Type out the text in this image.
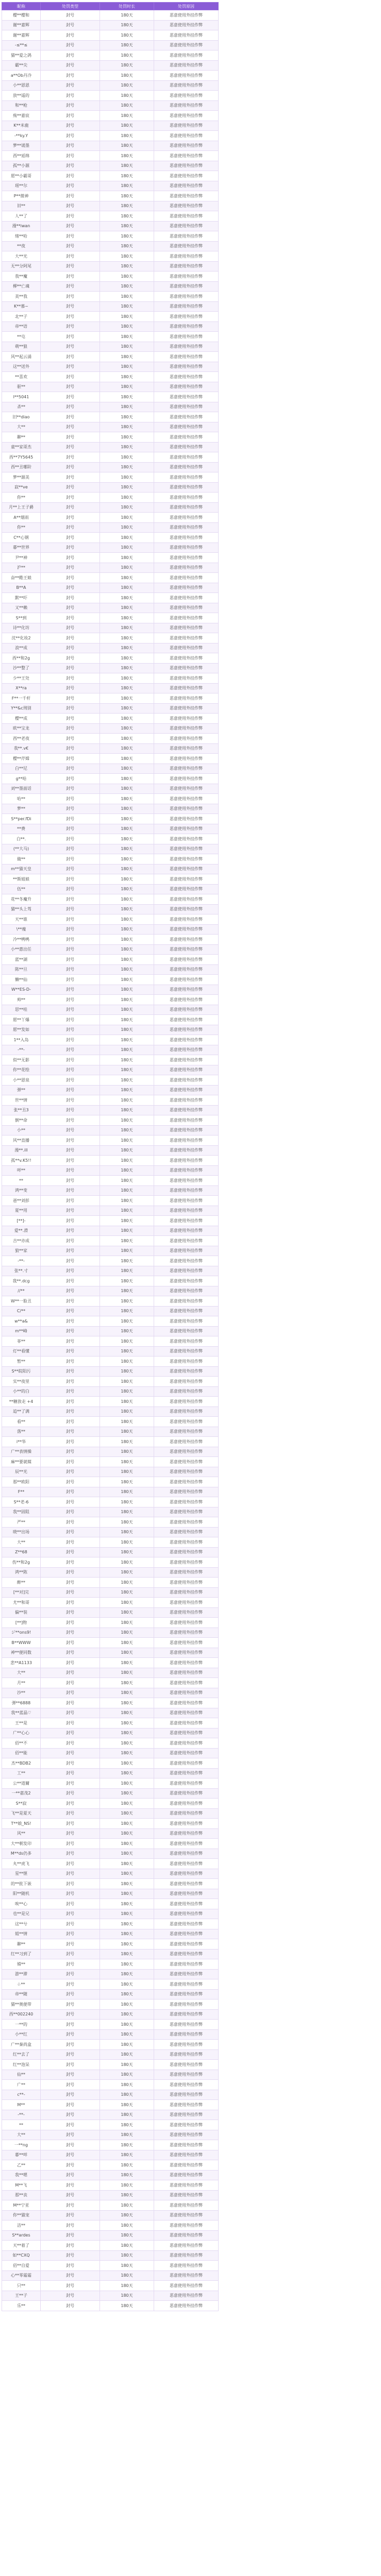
昵称	处罚类型	处罚时长	处罚原因
樱**樱和	封号	180天	恶意使用外挂作弊
谢**嘉辉	封号	180天	恶意使用外挂作弊
谢**嘉辉	封号	180天	恶意使用外挂作弊
-≤**≤	封号	180天	恶意使用外挂作弊
猫**爱之鸽	封号	180天	恶意使用外挂作弊
霸**尖	封号	180天	恶意使用外挂作弊
a**Ob丹冷	封号	180天	恶意使用外挂作弊
小**恩恩	封号	180天	恶意使用外挂作弊
放**遥的	封号	180天	恶意使用外挂作弊
和**枪	封号	180天	恶意使用外挂作弊
殇**嘉宸	封号	180天	恶意使用外挂作弊
K**米鹿	封号	180天	恶意使用外挂作弊
-**ky.Y	封号	180天	恶意使用外挂作弊
梦**谖墨	封号	180天	恶意使用外挂作弊
西**延绵	封号	180天	恶意使用外挂作弊
孤**小源	封号	180天	恶意使用外挂作弊
愿**小霸哥	封号	180天	恶意使用外挂作弊
瑶**尔	封号	180天	恶意使用外挂作弊
P**微神	封号	180天	恶意使用外挂作弊
旧**	封号	180天	恶意使用外挂作弊
人**了	封号	180天	恶意使用外挂作弊
漫**iwan	封号	180天	恶意使用外挂作弊
绪**哈	封号	180天	恶意使用外挂作弊
**夜	封号	180天	恶意使用外挂作弊
大**光	封号	180天	恶意使用外挂作弊
无**分阿尾	封号	180天	恶意使用外挂作弊
我**魔	封号	180天	恶意使用外挂作弊
柳**亡魂	封号	180天	恶意使用外挂作弊
美**我	封号	180天	恶意使用外挂作弊
K**慕~	封号	180天	恶意使用外挂作弊
北**子	封号	180天	恶意使用外挂作弊
帝**语	封号	180天	恶意使用外挂作弊
**屯	封号	180天	恶意使用外挂作弊
萌**狼	封号	180天	恶意使用外挂作弊
风**起云涌	封号	180天	恶意使用外挂作弊
这**送外	封号	180天	恶意使用外挂作弊
**喜欢	封号	180天	恶意使用外挂作弊
驱**	封号	180天	恶意使用外挂作弊
I**5041	封号	180天	恶意使用外挂作弊
杀**	封号	180天	恶意使用外挂作弊
旧**diao	封号	180天	恶意使用外挂作弊
大**	封号	180天	恶意使用外挂作弊
聊**	封号	180天	恶意使用外挂作弊
童**家哥杰	封号	180天	恶意使用外挂作弊
西**7Y5645	封号	180天	恶意使用外挂作弊
西**丑哪阶	封号	180天	恶意使用外挂作弊
梦**源美	封号	180天	恶意使用外挂作弊
寂**ve	封号	180天	恶意使用外挂作弊
你**	封号	180天	恶意使用外挂作弊
月**上王子爵	封号	180天	恶意使用外挂作弊
A**烟雨	封号	180天	恶意使用外挂作弊
你**	封号	180天	恶意使用外挂作弊
C**心钢	封号	180天	恶意使用外挂作弊
暮**世界	封号	180天	恶意使用外挂作弊
尹**神	封号	180天	恶意使用外挂作弊
沪**	封号	180天	恶意使用外挂作弊
奋**酷王娘	封号	180天	恶意使用外挂作弊
B**A	封号	180天	恶意使用外挂作弊
默**吓	封号	180天	恶意使用外挂作弊
又**赖	封号	180天	恶意使用外挂作弊
S**到	封号	180天	恶意使用外挂作弊
诗**化坊	封号	180天	恶意使用外挂作弊
沈**化妆2	封号	180天	恶意使用外挂作弊
浪**成	封号	180天	恶意使用外挂作弊
西**和2g	封号	180天	恶意使用外挂作弊
沙**整了	封号	180天	恶意使用外挂作弊
少**王处	封号	180天	恶意使用外挂作弊
X**ra	封号	180天	恶意使用外挂作弊
F**一千杆	封号	180天	恶意使用外挂作弊
Y**&c刑别	封号	180天	恶意使用外挂作弊
樱**成	封号	180天	恶意使用外挂作弊
欧**宝龙	封号	180天	恶意使用外挂作弊
西**老夜	封号	180天	恶意使用外挂作弊
我**.v€	封号	180天	恶意使用外挂作弊
樱**芹嫦	封号	180天	恶意使用外挂作弊
白**尼	封号	180天	恶意使用外挂作弊
g**哈	封号	180天	恶意使用外挂作弊
刘**墨面话	封号	180天	恶意使用外挂作弊
哈**	封号	180天	恶意使用外挂作弊
梦**	封号	180天	恶意使用外挂作弊
S**per.fDi	封号	180天	恶意使用外挂作弊
**费	封号	180天	恶意使用外挂作弊
白**.	封号	180天	恶意使用外挂作弊
(**大马)	封号	180天	恶意使用外挂作弊
做**	封号	180天	恶意使用外挂作弊
m**猫天皇	封号	180天	恶意使用外挂作弊
**斯姐娘	封号	180天	恶意使用外挂作弊
伍**	封号	180天	恶意使用外挂作弊
花**冬魔升	封号	180天	恶意使用外挂作弊
猫**头上驾	封号	180天	恶意使用外挂作弊
天**谁	封号	180天	恶意使用外挂作弊
\**瘦	封号	180天	恶意使用外挂作弊
冷**鸭鸭	封号	180天	恶意使用外挂作弊
小**惠出任	封号	180天	恶意使用外挂作弊
蓝**湖	封号	180天	恶意使用外挂作弊
陈**旦	封号	180天	恶意使用外挂作弊
懒**仙	封号	180天	恶意使用外挂作弊
W**ES-D-	封号	180天	恶意使用外挂作弊
帅**	封号	180天	恶意使用外挂作弊
思**哇	封号	180天	恶意使用外挂作弊
愿**丫爆	封号	180天	恶意使用外挂作弊
愿**发如	封号	180天	恶意使用外挂作弊
1**入岛	封号	180天	恶意使用外挂作弊
-**-	封号	180天	恶意使用外挂作弊
似**无影	封号	180天	恶意使用外挂作弊
你**花绘	封号	180天	恶意使用外挂作弊
小**恩泉	封号	180天	恶意使用外挂作弊
弹**	封号	180天	恶意使用外挂作弊
世**情	封号	180天	恶意使用外挂作弊
张**丑3	封号	180天	恶意使用外挂作弊
倒**命	封号	180天	恶意使用外挂作弊
小**	封号	180天	恶意使用外挂作弊
风**直播	封号	180天	恶意使用外挂作弊
漫**.ill	封号	180天	恶意使用外挂作弊
孤**v.K5!!	封号	180天	恶意使用外挂作弊
咩**	封号	180天	恶意使用外挂作弊
**	封号	180天	恶意使用外挂作弊
鸿**变	封号	180天	恶意使用外挂作弊
爸**刘彭	封号	180天	恶意使用外挂作弊
夏**用	封号	180天	恶意使用外挂作弊
[**]-	封号	180天	恶意使用外挂作弊
爱**.滑	封号	180天	恶意使用外挂作弊
吉**亦成	封号	180天	恶意使用外挂作弊
狼**家	封号	180天	恶意使用外挂作弊
-**-	封号	180天	恶意使用外挂作弊
张**.寸	封号	180天	恶意使用外挂作弊
我**.dcg	封号	180天	恶意使用外挂作弊
//**	封号	180天	恶意使用外挂作弊
W**一脸丑	封号	180天	恶意使用外挂作弊
C/**	封号	180天	恶意使用外挂作弊
w**a&	封号	180天	恶意使用外挂作弊
m**峰	封号	180天	恶意使用外挂作弊
菲**	封号	180天	恶意使用外挂作弊
灯**看懂	封号	180天	恶意使用外挂作弊
暂**	封号	180天	恶意使用外挂作弊
S**皖阳污	封号	180天	恶意使用外挂作弊
实**夜里	封号	180天	恶意使用外挂作弊
小**的白	封号	180天	恶意使用外挂作弊
**糖放走 +4	封号	180天	恶意使用外挂作弊
追**了满	封号	180天	恶意使用外挂作弊
看**	封号	180天	恶意使用外挂作弊
落**	封号	180天	恶意使用外挂作弊
i**华	封号	180天	恶意使用外挂作弊
广**表情操	封号	180天	恶意使用外挂作弊
麻**要就媒	封号	180天	恶意使用外挂作弊
辰**光	封号	180天	恶意使用外挂作弊
那**欧阳	封号	180天	恶意使用外挂作弊
F**	封号	180天	恶意使用外挂作弊
S**老-6	封号	180天	恶意使用外挂作弊
我**固阻	封号	180天	恶意使用外挂作弊
严**	封号	180天	恶意使用外挂作弊
晓**出场	封号	180天	恶意使用外挂作弊
大**	封号	180天	恶意使用外挂作弊
Z**68	封号	180天	恶意使用外挂作弊
伤**和2g	封号	180天	恶意使用外挂作弊
鸿**陈	封号	180天	恶意使用外挂作弊
醉**	封号	180天	恶意使用外挂作弊
[**对]完	封号	180天	恶意使用外挂作弊
尤**和哥	封号	180天	恶意使用外挂作弊
偏**装	封号	180天	恶意使用外挂作弊
[**]物	封号	180天	恶意使用外挂作弊
ジ**ons9!	封号	180天	恶意使用外挂作弊
B**WWW	封号	180天	恶意使用外挂作弊
神**便同数	封号	180天	恶意使用外挂作弊
悲**A1133	封号	180天	恶意使用外挂作弊
大**	封号	180天	恶意使用外挂作弊
月**	封号	180天	恶意使用外挂作弊
沙**	封号	180天	恶意使用外挂作弊
弹**6888	封号	180天	恶意使用外挂作弊
我**蓝晶♡	封号	180天	恶意使用外挂作弊
王**是	封号	180天	恶意使用外挂作弊
广**心心	封号	180天	恶意使用外挂作弊
佰**不	封号	180天	恶意使用外挂作弊
佰**能	封号	180天	恶意使用外挂作弊
杰**BDB2	封号	180天	恶意使用外挂作弊
工**	封号	180天	恶意使用外挂作弊
公**道爾	封号	180天	恶意使用外挂作弊
一**嘉茂2	封号	180天	恶意使用外挂作弊
S**寂	封号	180天	恶意使用外挂作弊
飞**是夏天	封号	180天	恶意使用外挂作弊
T**娘_NS!	封号	180天	恶意使用外挂作弊
风**	封号	180天	恶意使用外挂作弊
大**朝发印	封号	180天	恶意使用外挂作弊
M**ds仍多	封号	180天	恶意使用外挂作弊
丸**虎飞	封号	180天	恶意使用外挂作弊
星**惬	封号	180天	恶意使用外挂作弊
的**批下嵌	封号	180天	恶意使用外挂作弊
阳**随机	封号	180天	恶意使用外挂作弊
唉**心	封号	180天	恶意使用外挂作弊
也**是兄	封号	180天	恶意使用外挂作弊
这**兮	封号	180天	恶意使用外挂作弊
姐**情	封号	180天	恶意使用外挂作弊
聊**	封号	180天	恶意使用外挂作弊
红**习到了	封号	180天	恶意使用外挂作弊
嫦**	封号	180天	恶意使用外挂作弊
游**滞	封号	180天	恶意使用外挂作弊
♧**	封号	180天	恶意使用外挂作弊
帝**随	封号	180天	恶意使用外挂作弊
猫**奥便带	封号	180天	恶意使用外挂作弊
西**002240	封号	180天	恶意使用外挂作弊
一**的	封号	180天	恶意使用外挂作弊
小**红	封号	180天	恶意使用外挂作弊
广**秦尚盒	封号	180天	恶意使用外挂作弊
红**去了	封号	180天	恶意使用外挂作弊
红**泡呆	封号	180天	恶意使用外挂作弊
仙**	封号	180天	恶意使用外挂作弊
广**	封号	180天	恶意使用外挂作弊
c**-	封号	180天	恶意使用外挂作弊
M**	封号	180天	恶意使用外挂作弊
-**-	封号	180天	恶意使用外挂作弊
**	封号	180天	恶意使用外挂作弊
大**	封号	180天	恶意使用外挂作弊
一**ng	封号	180天	恶意使用外挂作弊
暮**咩	封号	180天	恶意使用外挂作弊
乙**	封号	180天	恶意使用外挂作弊
我**嗯	封号	180天	恶意使用外挂作弊
M**飞	封号	180天	恶意使用外挂作弊
那**丧	封号	180天	恶意使用外挂作弊
M**宁亚	封号	180天	恶意使用外挂作弊
你**猫宠	封号	180天	恶意使用外挂作弊
洁**	封号	180天	恶意使用外挂作弊
S**ardes	封号	180天	恶意使用外挂作弊
天**着了	封号	180天	恶意使用外挂作弊
如**CXQ	封号	180天	恶意使用外挂作弊
佰**自爱	封号	180天	恶意使用外挂作弊
心**零霜霜	封号	180天	恶意使用外挂作弊
只**	封号	180天	恶意使用外挂作弊
王**子	封号	180天	恶意使用外挂作弊
乐**	封号	180天	恶意使用外挂作弊
